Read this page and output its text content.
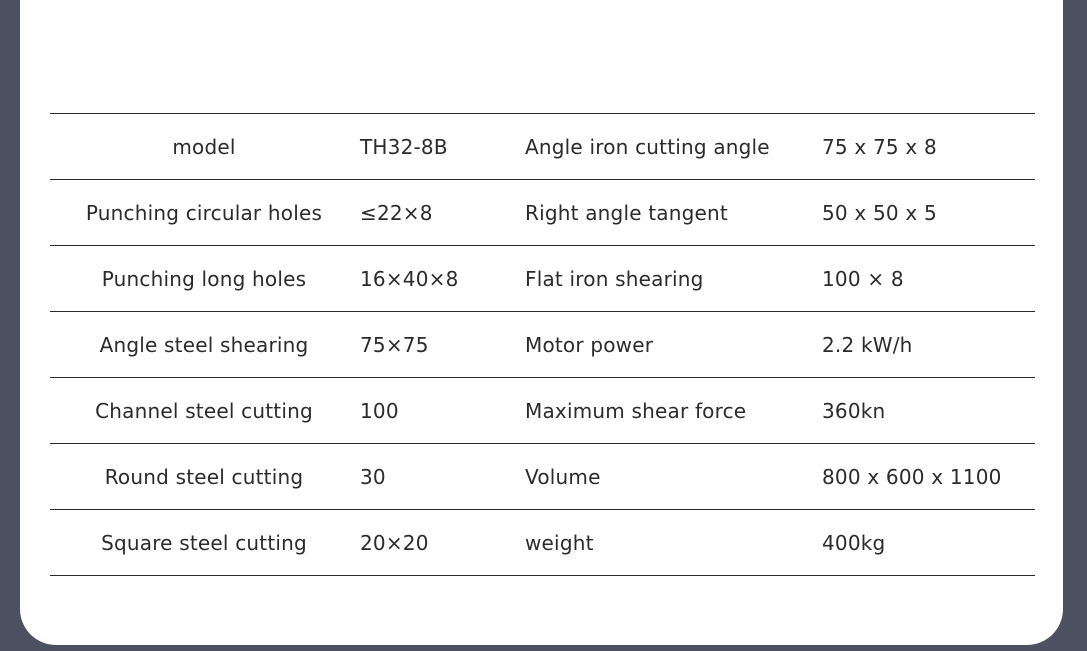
model	TH32-8B	Angle iron cutting angle	75 x 75 x 8
Punching circular holes	≤22×8	Right angle tangent	50 x 50 x 5
Punching long holes	16×40×8	Flat iron shearing	100 × 8
Angle steel shearing	75×75	Motor power	2.2 kW/h
Channel steel cutting	100	Maximum shear force	360kn
Round steel cutting	30	Volume	800 x 600 x 1100
Square steel cutting	20×20	weight	400kg
